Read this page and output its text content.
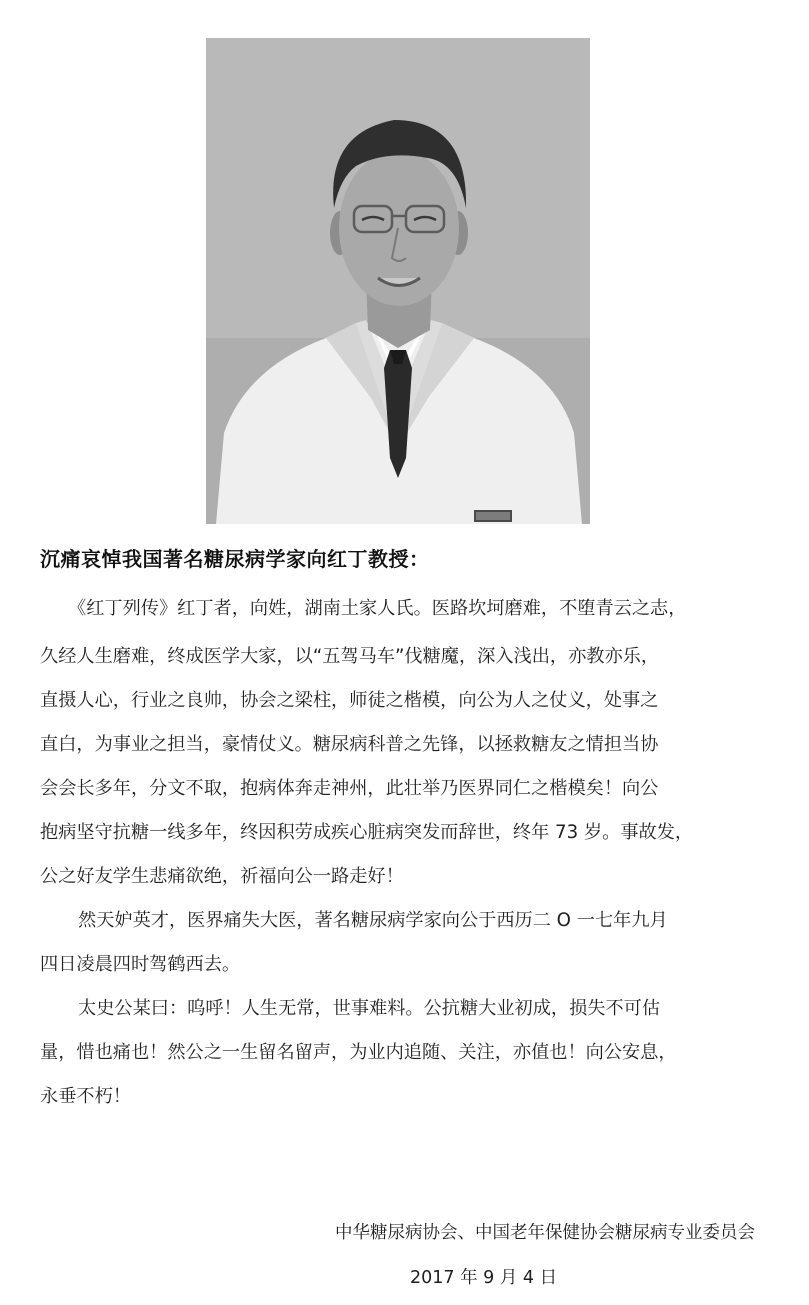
沉痛哀悼我国著名糖尿病学家向红丁教授：
《红丁列传》红丁者，向姓，湖南土家人氏。医路坎坷磨难，不堕青云之志，
久经人生磨难，终成医学大家，以“五驾马车”伐糖魔，深入浅出，亦教亦乐，
直摄人心，行业之良帅，协会之梁柱，师徒之楷模，向公为人之仗义，处事之
直白，为事业之担当，豪情仗义。糖尿病科普之先锋，以拯救糖友之情担当协
会会长多年，分文不取，抱病体奔走神州，此壮举乃医界同仁之楷模矣！向公
抱病坚守抗糖一线多年，终因积劳成疾心脏病突发而辞世，终年 73 岁。事故发，
公之好友学生悲痛欲绝，祈福向公一路走好！
然天妒英才，医界痛失大医，著名糖尿病学家向公于西历二 O 一七年九月
四日凌晨四时驾鹤西去。
太史公某曰：呜呼！人生无常，世事难料。公抗糖大业初成，损失不可估
量，惜也痛也！然公之一生留名留声，为业内追随、关注，亦值也！向公安息，
永垂不朽！
中华糖尿病协会、中国老年保健协会糖尿病专业委员会
2017 年 9 月 4 日
